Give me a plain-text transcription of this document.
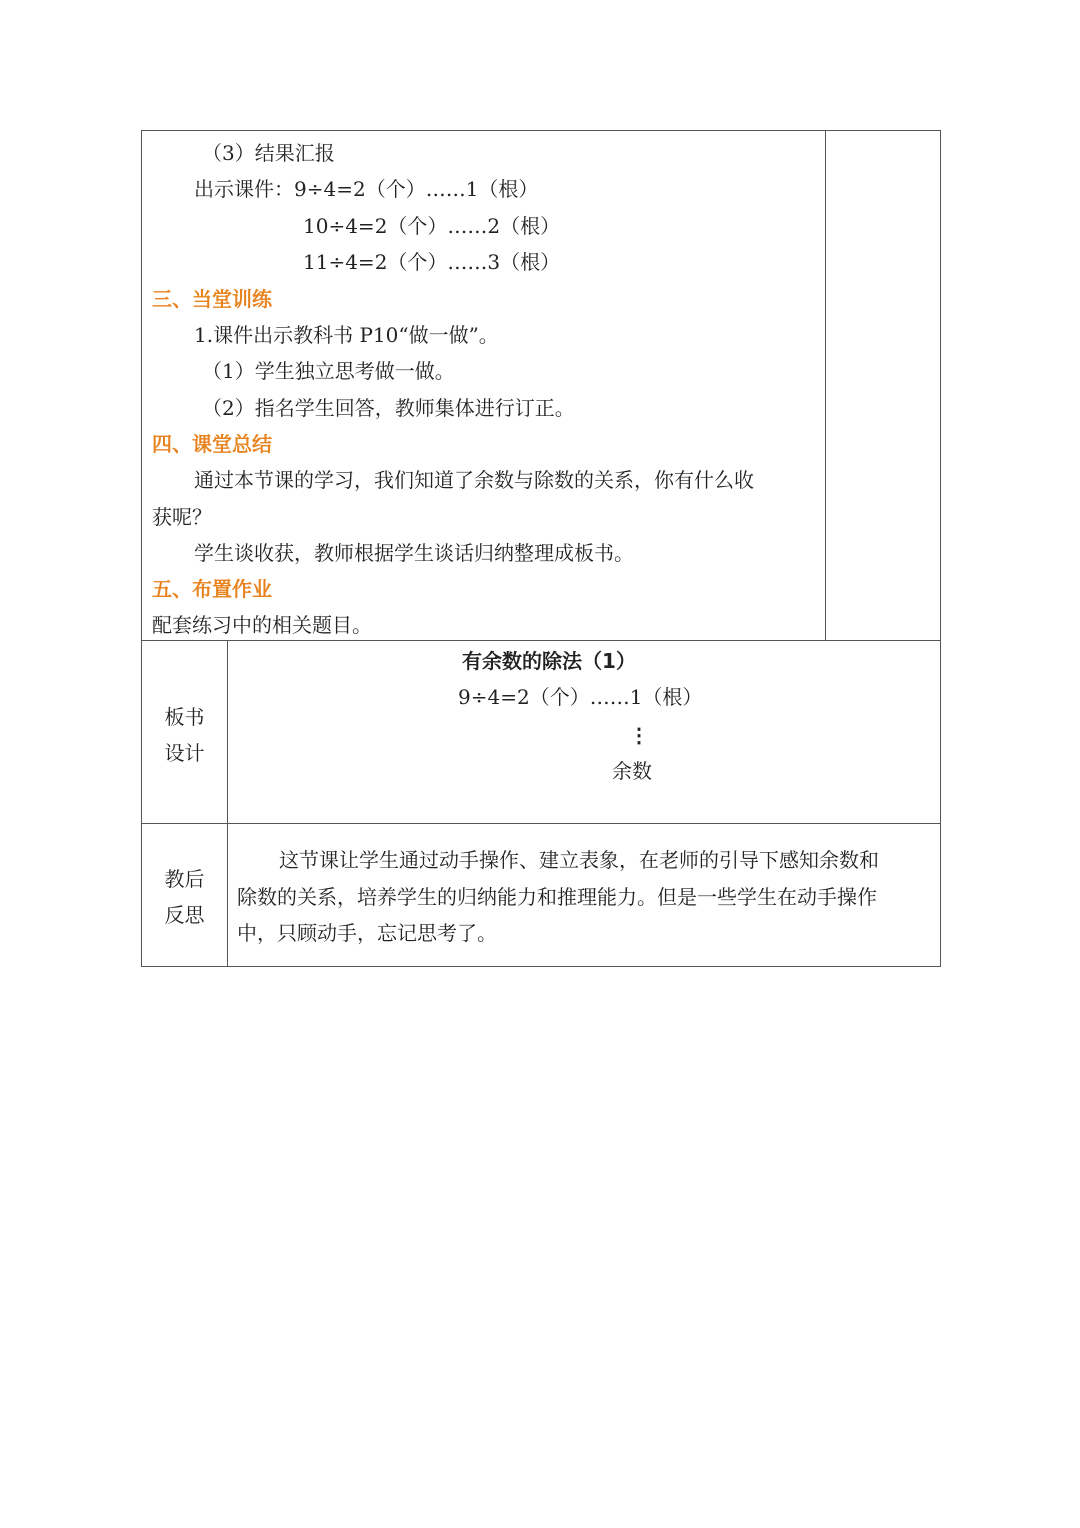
（3）结果汇报
出示课件：9÷4=2（个）……1（根）
10÷4=2（个）……2（根）
11÷4=2（个）……3（根）
三、当堂训练
1.课件出示教科书 P10“做一做”。
（1）学生独立思考做一做。
（2）指名学生回答，教师集体进行订正。
四、课堂总结
通过本节课的学习，我们知道了余数与除数的关系，你有什么收
获呢？
学生谈收获，教师根据学生谈话归纳整理成板书。
五、布置作业
配套练习中的相关题目。
板书
设计
有余数的除法（1）
9÷4=2（个）……1（根）
⋮
余数
教后
反思
这节课让学生通过动手操作、建立表象，在老师的引导下感知余数和
除数的关系，培养学生的归纳能力和推理能力。但是一些学生在动手操作
中，只顾动手，忘记思考了。
